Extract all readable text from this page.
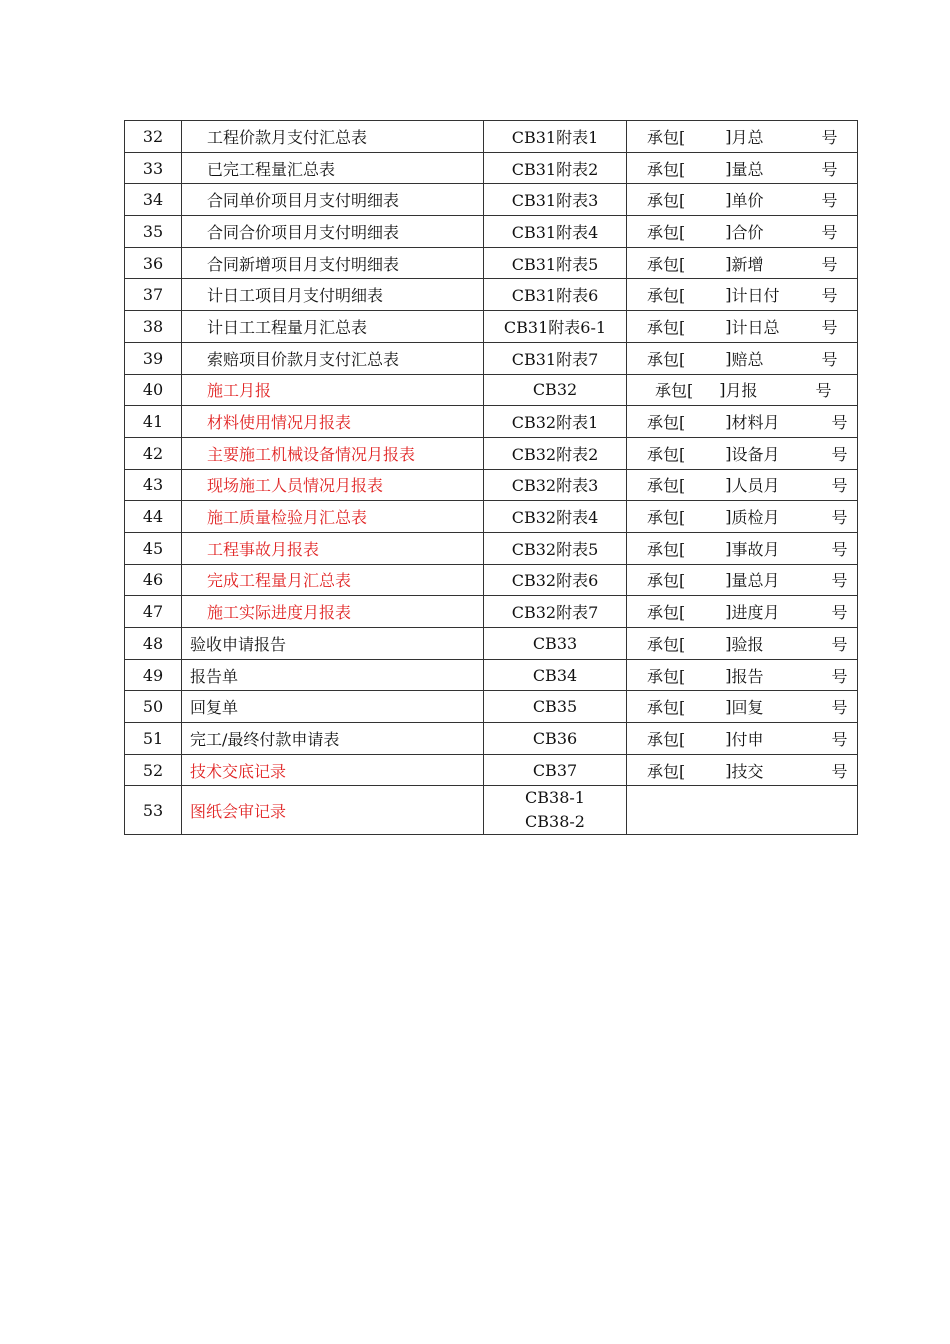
32	工程价款月支付汇总表	CB31附表1	承包[ ] 月总 号

33	已完工程量汇总表	CB31附表2	承包[ ] 量总 号

34	合同单价项目月支付明细表	CB31附表3	承包[ ] 单价 号

35	合同合价项目月支付明细表	CB31附表4	承包[ ] 合价 号

36	合同新增项目月支付明细表	CB31附表5	承包[ ] 新增 号

37	计日工项目月支付明细表	CB31附表6	承包[ ] 计日付 号

38	计日工工程量月汇总表	CB31附表6-1	承包[ ] 计日总 号

39	索赔项目价款月支付汇总表	CB31附表7	承包[ ] 赔总 号

40	施工月报	CB32	承包[ ] 月报 号

41	材料使用情况月报表	CB32附表1	承包[ ] 材料月 号

42	主要施工机械设备情况月报表	CB32附表2	承包[ ] 设备月 号

43	现场施工人员情况月报表	CB32附表3	承包[ ] 人员月 号

44	施工质量检验月汇总表	CB32附表4	承包[ ] 质检月 号

45	工程事故月报表	CB32附表5	承包[ ] 事故月 号

46	完成工程量月汇总表	CB32附表6	承包[ ] 量总月 号

47	施工实际进度月报表	CB32附表7	承包[ ] 进度月 号

48	验收申请报告	CB33	承包[ ] 验报 号

49	报告单	CB34	承包[ ] 报告 号

50	回复单	CB35	承包[ ] 回复 号

51	完工/最终付款申请表	CB36	承包[ ] 付申 号

52	技术交底记录	CB37	承包[ ] 技交 号

53	图纸会审记录	CB38-1
CB38-2	
